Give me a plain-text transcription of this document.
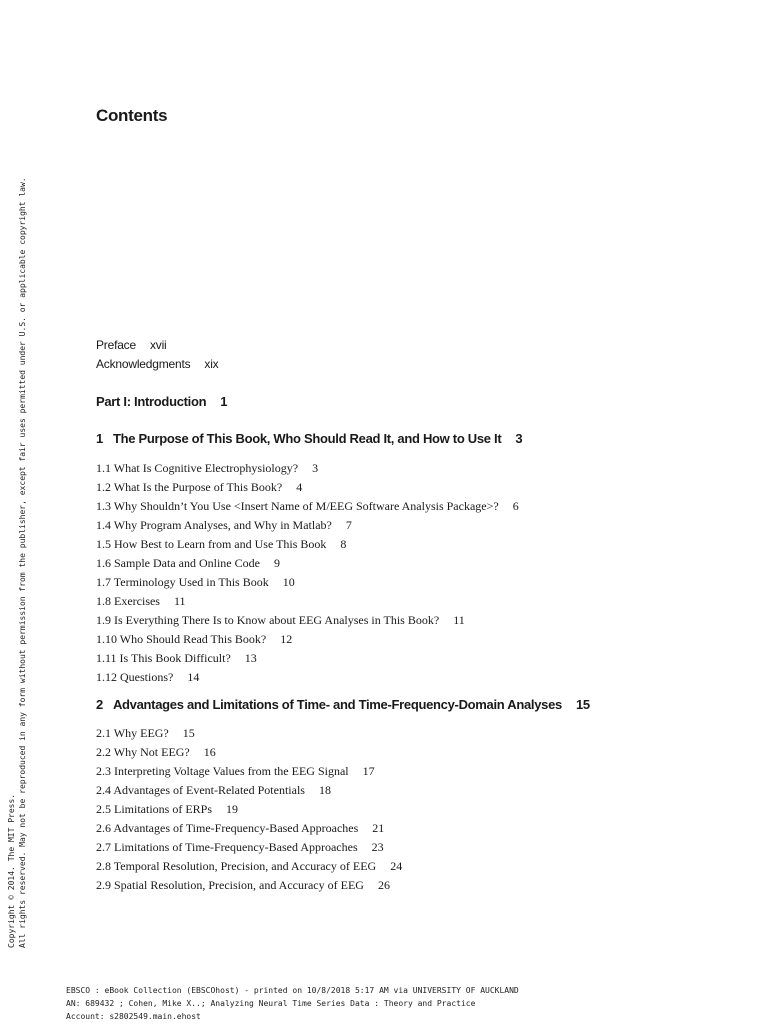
Copyright © 2014. The MIT Press. All rights reserved. May not be reproduced in any form without permission from the publisher, except fair uses permitted under U.S. or applicable copyright law.
Contents
Preface xvii
Acknowledgments xix
Part I: Introduction 1
1 The Purpose of This Book, Who Should Read It, and How to Use It 3
1.1 What Is Cognitive Electrophysiology? 3
1.2 What Is the Purpose of This Book? 4
1.3 Why Shouldn’t You Use <Insert Name of M/EEG Software Analysis Package>? 6
1.4 Why Program Analyses, and Why in Matlab? 7
1.5 How Best to Learn from and Use This Book 8
1.6 Sample Data and Online Code 9
1.7 Terminology Used in This Book 10
1.8 Exercises 11
1.9 Is Everything There Is to Know about EEG Analyses in This Book? 11
1.10 Who Should Read This Book? 12
1.11 Is This Book Difficult? 13
1.12 Questions? 14
2 Advantages and Limitations of Time- and Time-Frequency-Domain Analyses 15
2.1 Why EEG? 15
2.2 Why Not EEG? 16
2.3 Interpreting Voltage Values from the EEG Signal 17
2.4 Advantages of Event-Related Potentials 18
2.5 Limitations of ERPs 19
2.6 Advantages of Time-Frequency-Based Approaches 21
2.7 Limitations of Time-Frequency-Based Approaches 23
2.8 Temporal Resolution, Precision, and Accuracy of EEG 24
2.9 Spatial Resolution, Precision, and Accuracy of EEG 26
EBSCO : eBook Collection (EBSCOhost) - printed on 10/8/2018 5:17 AM via UNIVERSITY OF AUCKLAND
AN: 689432 ; Cohen, Mike X..; Analyzing Neural Time Series Data : Theory and Practice
Account: s2802549.main.ehost
